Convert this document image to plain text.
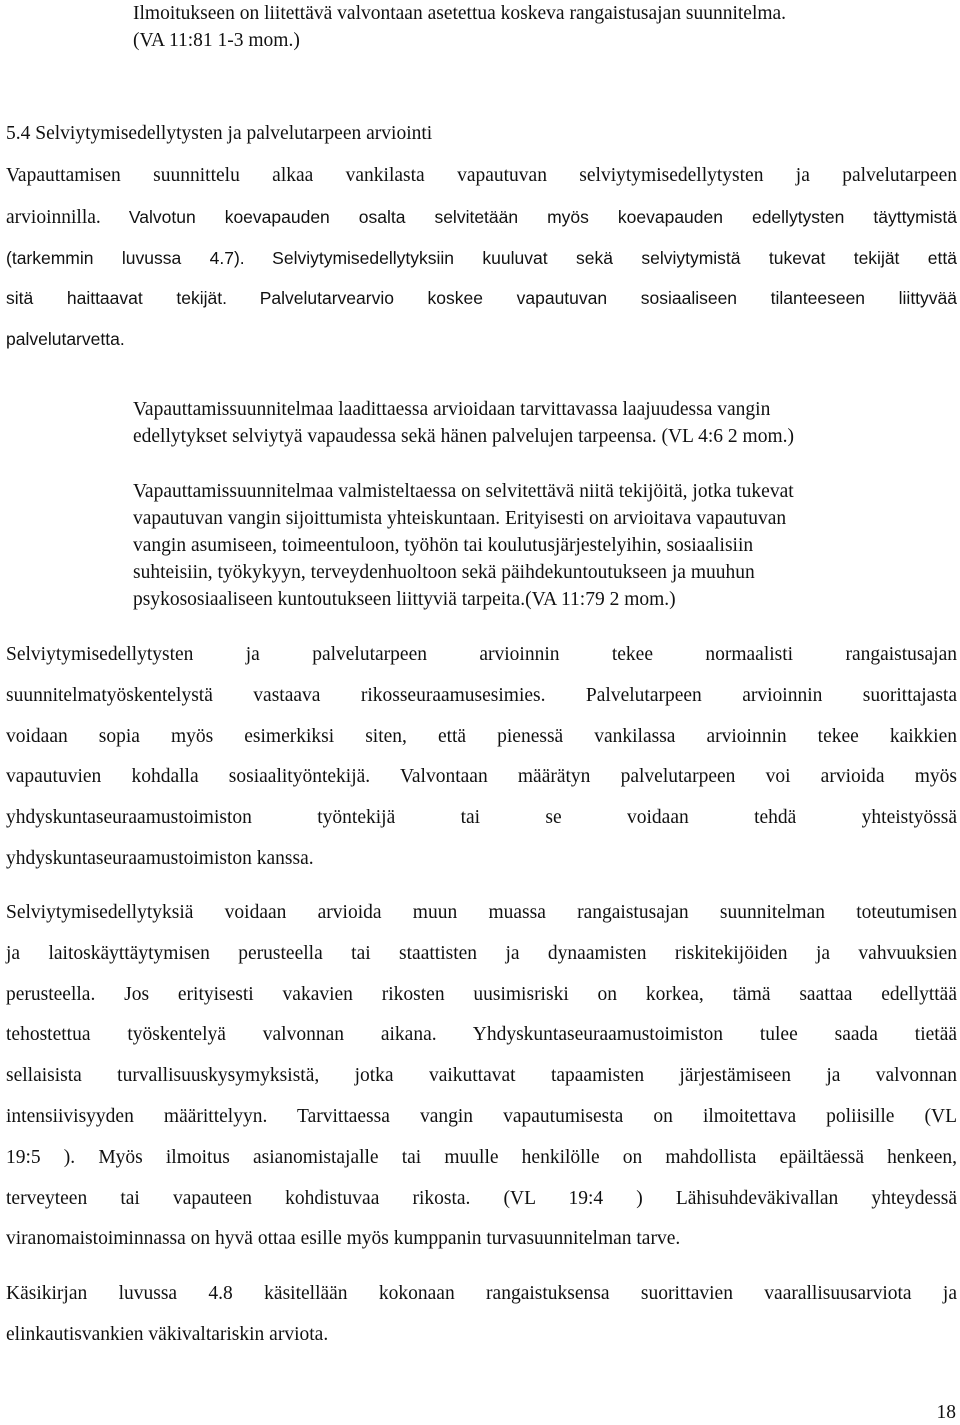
Ilmoitukseen on liitettävä valvontaan asetettua koskeva rangaistusajan suunnitelma.
(VA 11:81 1-3 mom.)
5.4 Selviytymisedellytysten ja palvelutarpeen arviointi
Vapauttamisen suunnittelu alkaa vankilasta vapautuvan selviytymisedellytysten ja palvelutarpeen
arvioinnilla. Valvotun koevapauden osalta selvitetään myös koevapauden edellytysten täyttymistä
(tarkemmin luvussa 4.7). Selviytymisedellytyksiin kuuluvat sekä selviytymistä tukevat tekijät että
sitä haittaavat tekijät. Palvelutarvearvio koskee vapautuvan sosiaaliseen tilanteeseen liittyvää
palvelutarvetta.
Vapauttamissuunnitelmaa laadittaessa arvioidaan tarvittavassa laajuudessa vangin
edellytykset selviytyä vapaudessa sekä hänen palvelujen tarpeensa. (VL 4:6 2 mom.)
Vapauttamissuunnitelmaa valmisteltaessa on selvitettävä niitä tekijöitä, jotka tukevat
vapautuvan vangin sijoittumista yhteiskuntaan. Erityisesti on arvioitava vapautuvan
vangin asumiseen, toimeentuloon, työhön tai koulutusjärjestelyihin, sosiaalisiin
suhteisiin, työkykyyn, terveydenhuoltoon sekä päihdekuntoutukseen ja muuhun
psykososiaaliseen kuntoutukseen liittyviä tarpeita.(VA 11:79 2 mom.)
Selviytymisedellytysten ja palvelutarpeen arvioinnin tekee normaalisti rangaistusajan
suunnitelmatyöskentelystä vastaava rikosseuraamusesimies. Palvelutarpeen arvioinnin suorittajasta
voidaan sopia myös esimerkiksi siten, että pienessä vankilassa arvioinnin tekee kaikkien
vapautuvien kohdalla sosiaalityöntekijä. Valvontaan määrätyn palvelutarpeen voi arvioida myös
yhdyskuntaseuraamustoimiston työntekijä tai se voidaan tehdä yhteistyössä
yhdyskuntaseuraamustoimiston kanssa.
Selviytymisedellytyksiä voidaan arvioida muun muassa rangaistusajan suunnitelman toteutumisen
ja laitoskäyttäytymisen perusteella tai staattisten ja dynaamisten riskitekijöiden ja vahvuuksien
perusteella. Jos erityisesti vakavien rikosten uusimisriski on korkea, tämä saattaa edellyttää
tehostettua työskentelyä valvonnan aikana. Yhdyskuntaseuraamustoimiston tulee saada tietää
sellaisista turvallisuuskysymyksistä, jotka vaikuttavat tapaamisten järjestämiseen ja valvonnan
intensiivisyyden määrittelyyn. Tarvittaessa vangin vapautumisesta on ilmoitettava poliisille (VL
19:5 ). Myös ilmoitus asianomistajalle tai muulle henkilölle on mahdollista epäiltäessä henkeen,
terveyteen tai vapauteen kohdistuvaa rikosta. (VL 19:4 ) Lähisuhdeväkivallan yhteydessä
viranomaistoiminnassa on hyvä ottaa esille myös kumppanin turvasuunnitelman tarve.
Käsikirjan luvussa 4.8 käsitellään kokonaan rangaistuksensa suorittavien vaarallisuusarviota ja
elinkautisvankien väkivaltariskin arviota.
18
